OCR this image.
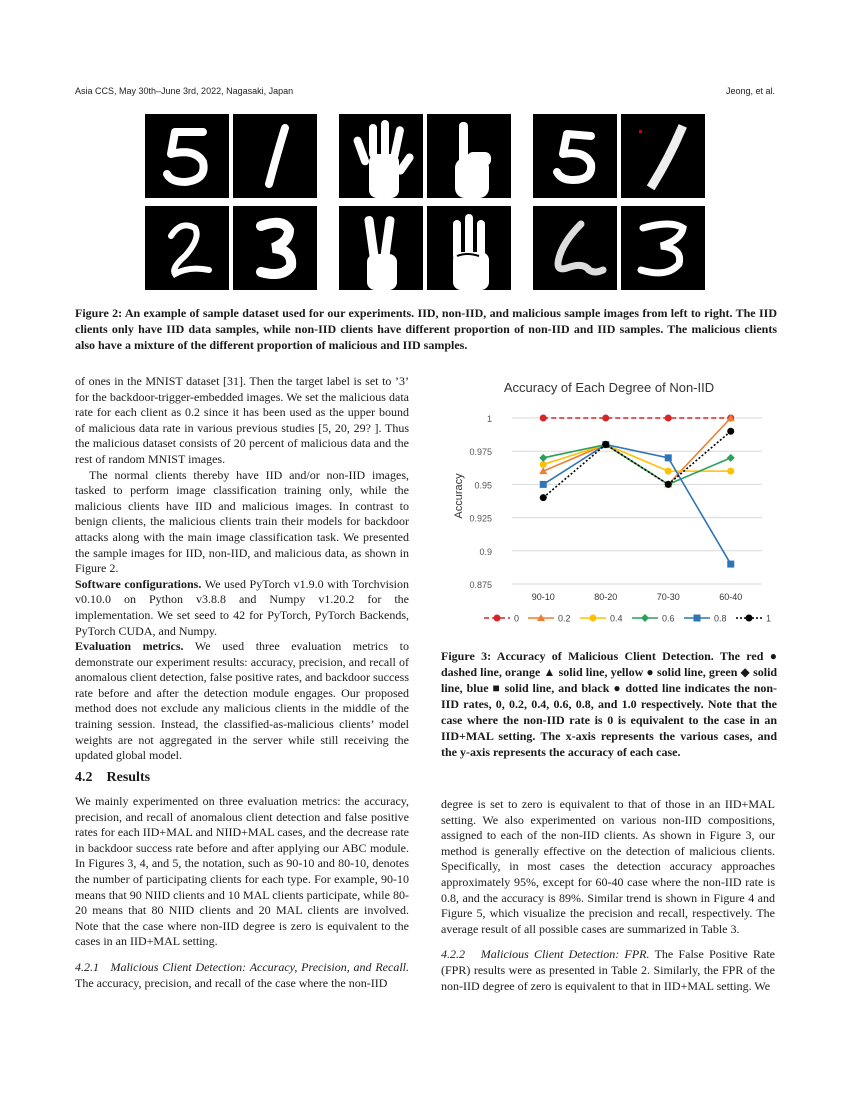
Asia CCS, May 30th–June 3rd, 2022, Nagasaki, Japan	Jeong, et al.
Figure 2: An example of sample dataset used for our experiments. IID, non-IID, and malicious sample images from left to right. The IID clients only have IID data samples, while non-IID clients have different proportion of non-IID and IID samples. The malicious clients also have a mixture of the different proportion of malicious and IID samples.

of ones in the MNIST dataset [31]. Then the target label is set to ’3’ for the backdoor-trigger-embedded images. We set the malicious data rate for each client as 0.2 since it has been used as the upper bound of malicious data rate in various previous studies [5, 20, 29? ]. Thus the malicious dataset consists of 20 percent of malicious data and the rest of random MNIST images.

The normal clients thereby have IID and/or non-IID images, tasked to perform image classification training only, while the malicious clients have IID and malicious images. In contrast to benign clients, the malicious clients train their models for backdoor attacks along with the main image classification task. We presented the sample images for IID, non-IID, and malicious data, as shown in Figure 2.

Software configurations. We used PyTorch v1.9.0 with Torchvision v0.10.0 on Python v3.8.8 and Numpy v1.20.2 for the implementation. We set seed to 42 for PyTorch, PyTorch Backends, PyTorch CUDA, and Numpy.

Evaluation metrics. We used three evaluation metrics to demonstrate our experiment results: accuracy, precision, and recall of anomalous client detection, false positive rates, and backdoor success rate before and after the detection module engages. Our proposed method does not exclude any malicious clients in the middle of the training session. Instead, the classified-as-malicious clients’ model weights are not aggregated in the server while still receiving the updated global model.

4.2 Results

We mainly experimented on three evaluation metrics: the accuracy, precision, and recall of anomalous client detection and false positive rates for each IID+MAL and NIID+MAL cases, and the decrease rate in backdoor success rate before and after applying our ABC module. In Figures 3, 4, and 5, the notation, such as 90-10 and 80-10, denotes the number of participating clients for each type. For example, 90-10 means that 90 NIID clients and 10 MAL clients participate, while 80-20 means that 80 NIID clients and 20 MAL clients are involved. Note that the case where non-IID degree is zero is equivalent to the cases in an IID+MAL setting.

4.2.1 Malicious Client Detection: Accuracy, Precision, and Recall. The accuracy, precision, and recall of the case where the non-IID

Accuracy of Each Degree of Non-IID
Accuracy
0.875
0.9
0.925
0.95
0.975
1
90-10	80-20	70-30	60-40
0	0.2	0.4	0.6	0.8	1
Figure 3: Accuracy of Malicious Client Detection. The red ● dashed line, orange ▲ solid line, yellow ● solid line, green ◆ solid line, blue ■ solid line, and black ● dotted line indicates the non-IID rates, 0, 0.2, 0.4, 0.6, 0.8, and 1.0 respectively. Note that the case where the non-IID rate is 0 is equivalent to the case in an IID+MAL setting. The x-axis represents the various cases, and the y-axis represents the accuracy of each case.

degree is set to zero is equivalent to that of those in an IID+MAL setting. We also experimented on various non-IID compositions, assigned to each of the non-IID clients. As shown in Figure 3, our method is generally effective on the detection of malicious clients. Specifically, in most cases the detection accuracy approaches approximately 95%, except for 60-40 case where the non-IID rate is 0.8, and the accuracy is 89%. Similar trend is shown in Figure 4 and Figure 5, which visualize the precision and recall, respectively. The average result of all possible cases are summarized in Table 3.

4.2.2 Malicious Client Detection: FPR. The False Positive Rate (FPR) results were as presented in Table 2. Similarly, the FPR of the non-IID degree of zero is equivalent to that in IID+MAL setting. We
